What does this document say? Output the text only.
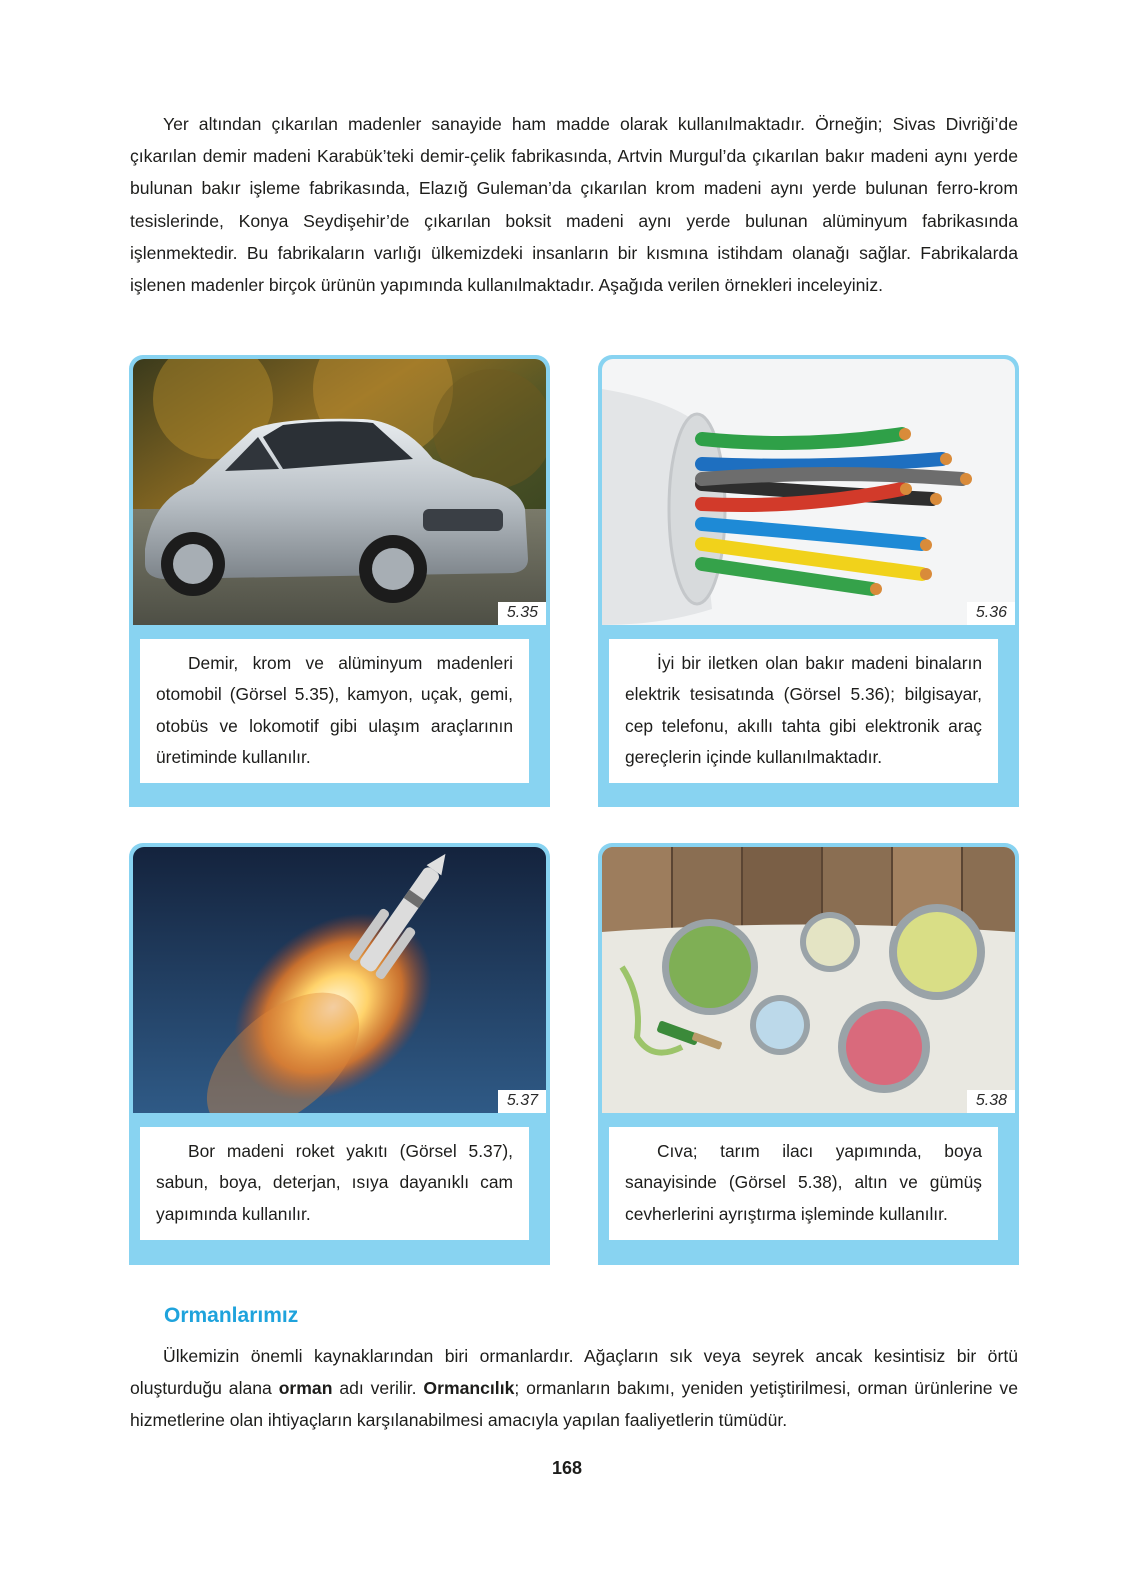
Yer altından çıkarılan madenler sanayide ham madde olarak kullanılmaktadır. Örneğin; Sivas Divriği’de çıkarılan demir madeni Karabük’teki demir-çelik fabrikasında, Artvin Murgul’da çıkarılan bakır madeni aynı yerde bulunan bakır işleme fabrikasında, Elazığ Guleman’da çıkarılan krom madeni aynı yerde bulunan ferro-krom tesislerinde, Konya Seydişehir’de çıkarılan boksit madeni aynı yerde bulunan alüminyum fabrikasında işlenmektedir. Bu fabrikaların varlığı ülkemizdeki insanların bir kısmına istihdam olanağı sağlar. Fabrikalarda işlenen madenler birçok ürünün yapımında kullanılmaktadır. Aşağıda verilen örnekleri inceleyiniz.

5.35

Demir, krom ve alüminyum madenleri otomobil (Görsel 5.35), kamyon, uçak, gemi, otobüs ve lokomotif gibi ulaşım araçlarının üretiminde kullanılır.

5.36

İyi bir iletken olan bakır madeni binaların elektrik tesisatında (Görsel 5.36); bilgisayar, cep telefonu, akıllı tahta gibi elektronik araç gereçlerin içinde kullanılmaktadır.

5.37

Bor madeni roket yakıtı (Görsel 5.37), sabun, boya, deterjan, ısıya dayanıklı cam yapımında kullanılır.

5.38

Cıva; tarım ilacı yapımında, boya sanayisinde (Görsel 5.38), altın ve gümüş cevherlerini ayrıştırma işleminde kullanılır.

Ormanlarımız

Ülkemizin önemli kaynaklarından biri ormanlardır. Ağaçların sık veya seyrek ancak kesintisiz bir örtü oluşturduğu alana orman adı verilir. Ormancılık; ormanların bakımı, yeniden yetiştirilmesi, orman ürünlerine ve hizmetlerine olan ihtiyaçların karşılanabilmesi amacıyla yapılan faaliyetlerin tümüdür.

168
